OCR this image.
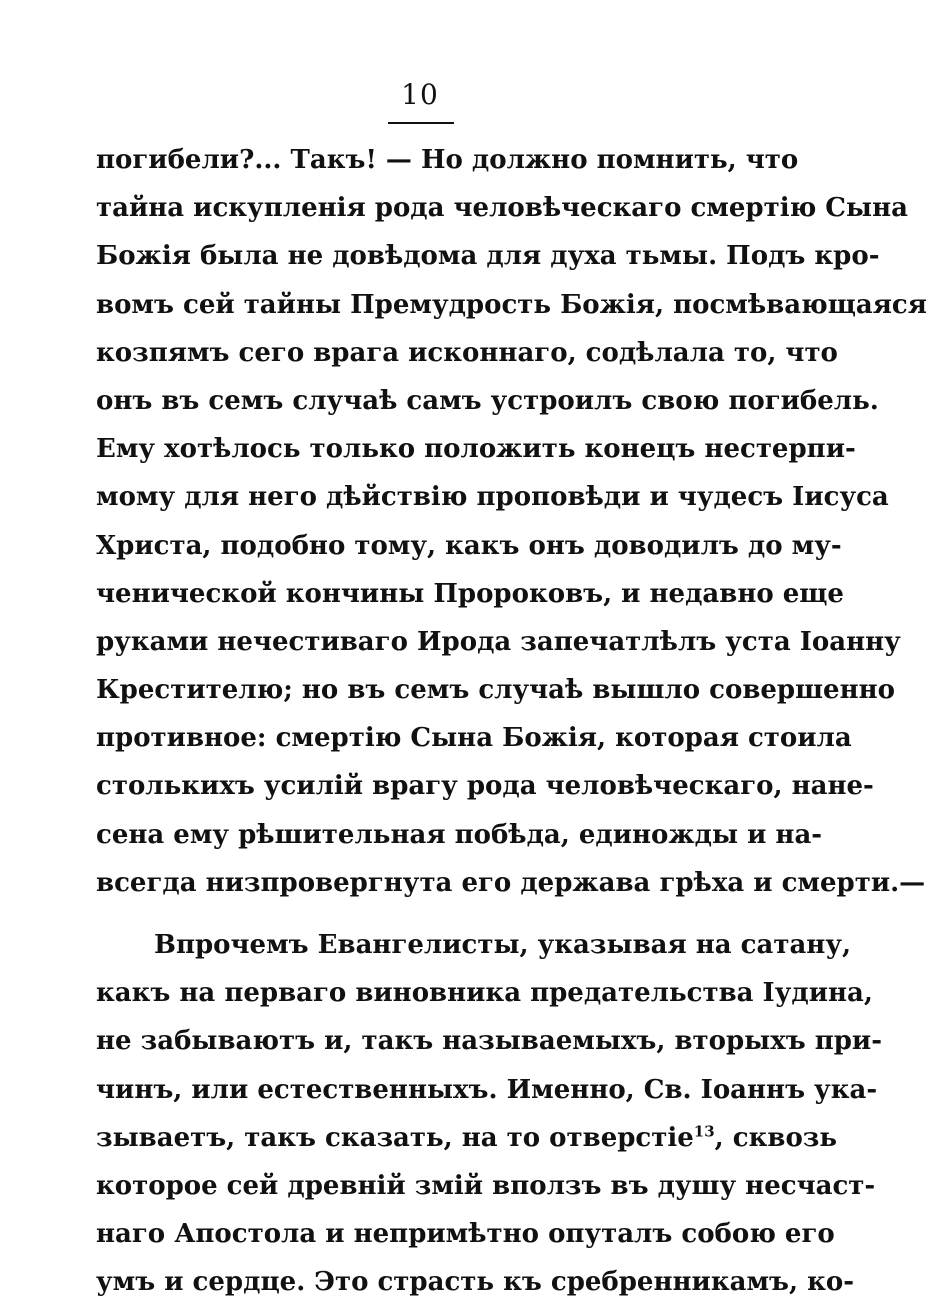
10
погибели?... Такъ! — Но должно помнить, что
тайна искупленія рода человѣческаго смертію Сына
Божія была не довѣдома для духа тьмы. Подъ кро-
вомъ сей тайны Премудрость Божія, посмѣвающаяся
козпямъ сего врага исконнаго, содѣлала то, что
онъ въ семъ случаѣ самъ устроилъ свою погибель.
Ему хотѣлось только положить конецъ нестерпи-
мому для него дѣйствію проповѣди и чудесъ Іисуса
Христа, подобно тому, какъ онъ доводилъ до му-
ченической кончины Пророковъ, и недавно еще
руками нечестиваго Ирода запечатлѣлъ уста Іоанну
Крестителю; но въ семъ случаѣ вышло совершенно
противное: смертію Сына Божія, которая стоила
столькихъ усилій врагу рода человѣческаго, нане-
сена ему рѣшительная побѣда, единожды и на-
всегда низпровергнута его держава грѣха и смерти.—
Впрочемъ Евангелисты, указывая на сатану,
какъ на перваго виновника предательства Іудина,
не забываютъ и, такъ называемыхъ, вторыхъ при-
чинъ, или естественныхъ. Именно, Св. Іоаннъ ука-
зываетъ, такъ сказать, на то отверстіе$^{13}$, сквозь
которое сей древній змій вползъ въ душу несчаст-
наго Апостола и непримѣтно опуталъ собою его
умъ и сердце. Это страсть къ сребренникамъ, ко-
